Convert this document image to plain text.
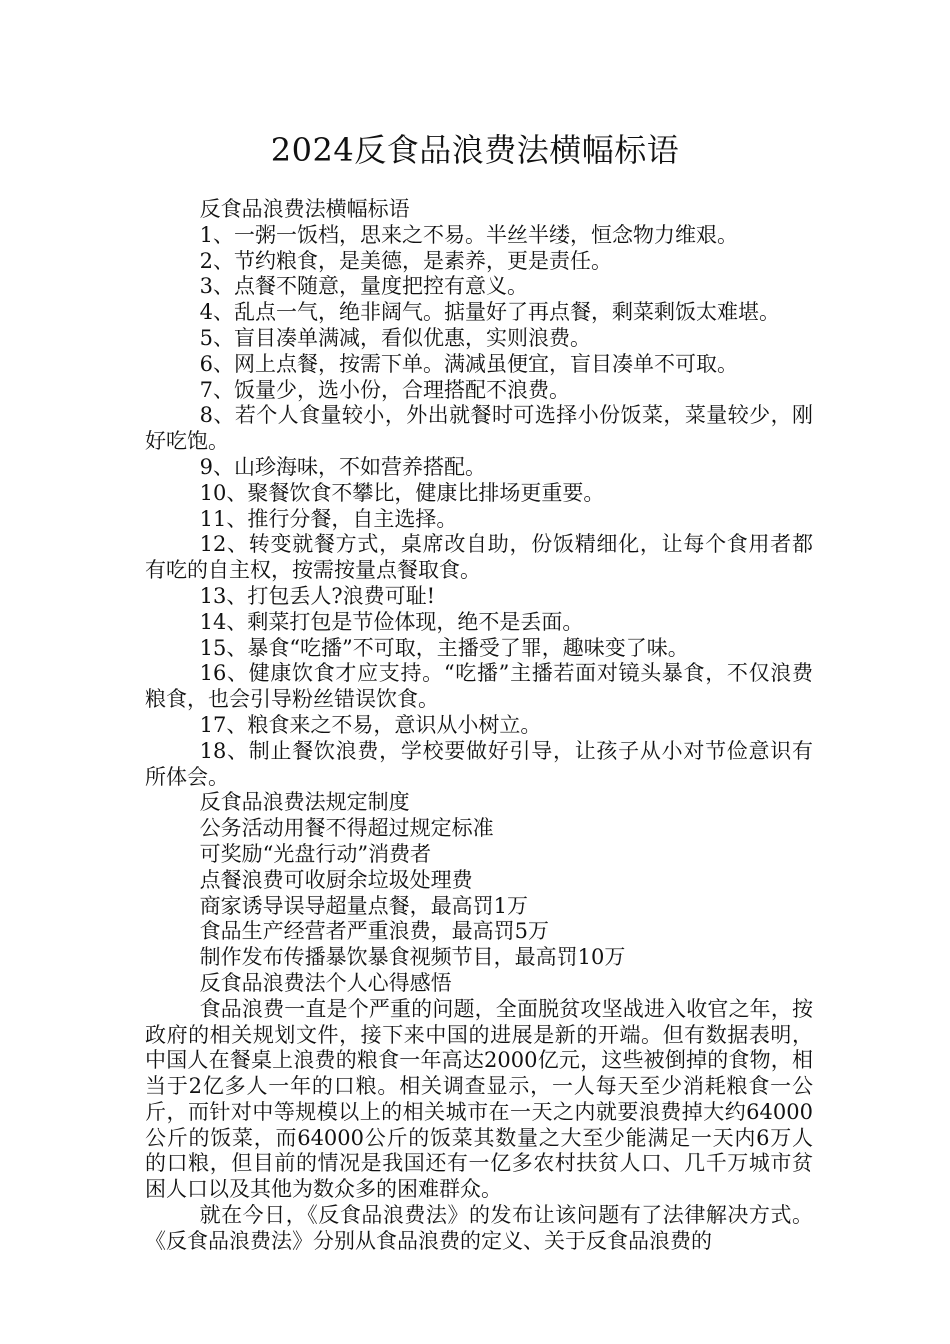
2024反食品浪费法横幅标语

反食品浪费法横幅标语

1、一粥一饭档，思来之不易。半丝半缕，恒念物力维艰。

2、节约粮食，是美德，是素养，更是责任。

3、点餐不随意，量度把控有意义。

4、乱点一气，绝非阔气。掂量好了再点餐，剩菜剩饭太难堪。

5、盲目凑单满减，看似优惠，实则浪费。

6、网上点餐，按需下单。满减虽便宜，盲目凑单不可取。

7、饭量少，选小份，合理搭配不浪费。

8、若个人食量较小，外出就餐时可选择小份饭菜，菜量较少，刚好吃饱。

9、山珍海味，不如营养搭配。

10、聚餐饮食不攀比，健康比排场更重要。

11、推行分餐，自主选择。

12、转变就餐方式，桌席改自助，份饭精细化，让每个食用者都有吃的自主权，按需按量点餐取食。

13、打包丢人?浪费可耻!

14、剩菜打包是节俭体现，绝不是丢面。

15、暴食“吃播”不可取，主播受了罪，趣味变了味。

16、健康饮食才应支持。“吃播”主播若面对镜头暴食，不仅浪费粮食，也会引导粉丝错误饮食。

17、粮食来之不易，意识从小树立。

18、制止餐饮浪费，学校要做好引导，让孩子从小对节俭意识有所体会。

反食品浪费法规定制度

公务活动用餐不得超过规定标准

可奖励“光盘行动”消费者

点餐浪费可收厨余垃圾处理费

商家诱导误导超量点餐，最高罚1万

食品生产经营者严重浪费，最高罚5万

制作发布传播暴饮暴食视频节目，最高罚10万

反食品浪费法个人心得感悟

食品浪费一直是个严重的问题，全面脱贫攻坚战进入收官之年，按政府的相关规划文件，接下来中国的进展是新的开端。但有数据表明，中国人在餐桌上浪费的粮食一年高达2000亿元，这些被倒掉的食物，相当于2亿多人一年的口粮。相关调查显示，一人每天至少消耗粮食一公斤，而针对中等规模以上的相关城市在一天之内就要浪费掉大约64000公斤的饭菜，而64000公斤的饭菜其数量之大至少能满足一天内6万人的口粮，但目前的情况是我国还有一亿多农村扶贫人口、几千万城市贫困人口以及其他为数众多的困难群众。

就在今日，《反食品浪费法》的发布让该问题有了法律解决方式。《反食品浪费法》分别从食品浪费的定义、关于反食品浪费的
